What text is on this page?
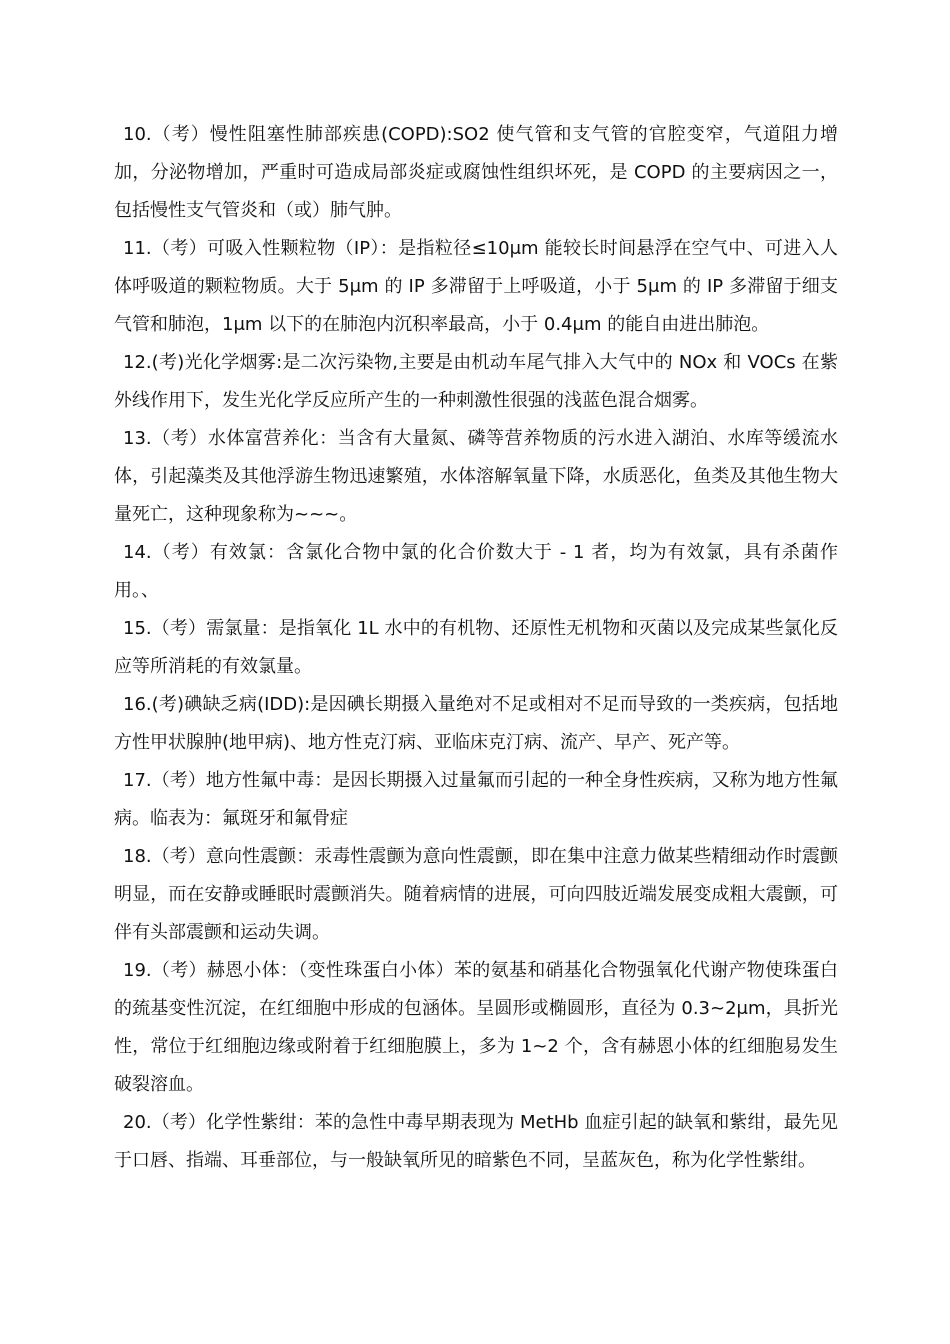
10.（考）慢性阻塞性肺部疾患(COPD):SO2 使气管和支气管的官腔变窄，气道阻力增加，分泌物增加，严重时可造成局部炎症或腐蚀性组织坏死，是 COPD 的主要病因之一，包括慢性支气管炎和（或）肺气肿。

11.（考）可吸入性颗粒物（IP）：是指粒径≤10μm 能较长时间悬浮在空气中、可进入人体呼吸道的颗粒物质。大于 5μm 的 IP 多滞留于上呼吸道，小于 5μm 的 IP 多滞留于细支气管和肺泡，1μm 以下的在肺泡内沉积率最高，小于 0.4μm 的能自由进出肺泡。

12.(考)光化学烟雾:是二次污染物,主要是由机动车尾气排入大气中的 NOx 和 VOCs 在紫外线作用下，发生光化学反应所产生的一种刺激性很强的浅蓝色混合烟雾。

13.（考）水体富营养化：当含有大量氮、磷等营养物质的污水进入湖泊、水库等缓流水体，引起藻类及其他浮游生物迅速繁殖，水体溶解氧量下降，水质恶化，鱼类及其他生物大量死亡，这种现象称为~~~。

14.（考）有效氯：含氯化合物中氯的化合价数大于 - 1 者，均为有效氯，具有杀菌作用。、

15.（考）需氯量：是指氧化 1L 水中的有机物、还原性无机物和灭菌以及完成某些氯化反应等所消耗的有效氯量。

16.(考)碘缺乏病(IDD):是因碘长期摄入量绝对不足或相对不足而导致的一类疾病，包括地方性甲状腺肿(地甲病)、地方性克汀病、亚临床克汀病、流产、早产、死产等。

17.（考）地方性氟中毒：是因长期摄入过量氟而引起的一种全身性疾病，又称为地方性氟病。临表为：氟斑牙和氟骨症

18.（考）意向性震颤：汞毒性震颤为意向性震颤，即在集中注意力做某些精细动作时震颤明显，而在安静或睡眠时震颤消失。随着病情的进展，可向四肢近端发展变成粗大震颤，可伴有头部震颤和运动失调。

19.（考）赫恩小体：（变性珠蛋白小体）苯的氨基和硝基化合物强氧化代谢产物使珠蛋白的巯基变性沉淀，在红细胞中形成的包涵体。呈圆形或椭圆形，直径为 0.3~2μm，具折光性，常位于红细胞边缘或附着于红细胞膜上，多为 1~2 个，含有赫恩小体的红细胞易发生破裂溶血。

20.（考）化学性紫绀：苯的急性中毒早期表现为 MetHb 血症引起的缺氧和紫绀，最先见于口唇、指端、耳垂部位，与一般缺氧所见的暗紫色不同，呈蓝灰色，称为化学性紫绀。
